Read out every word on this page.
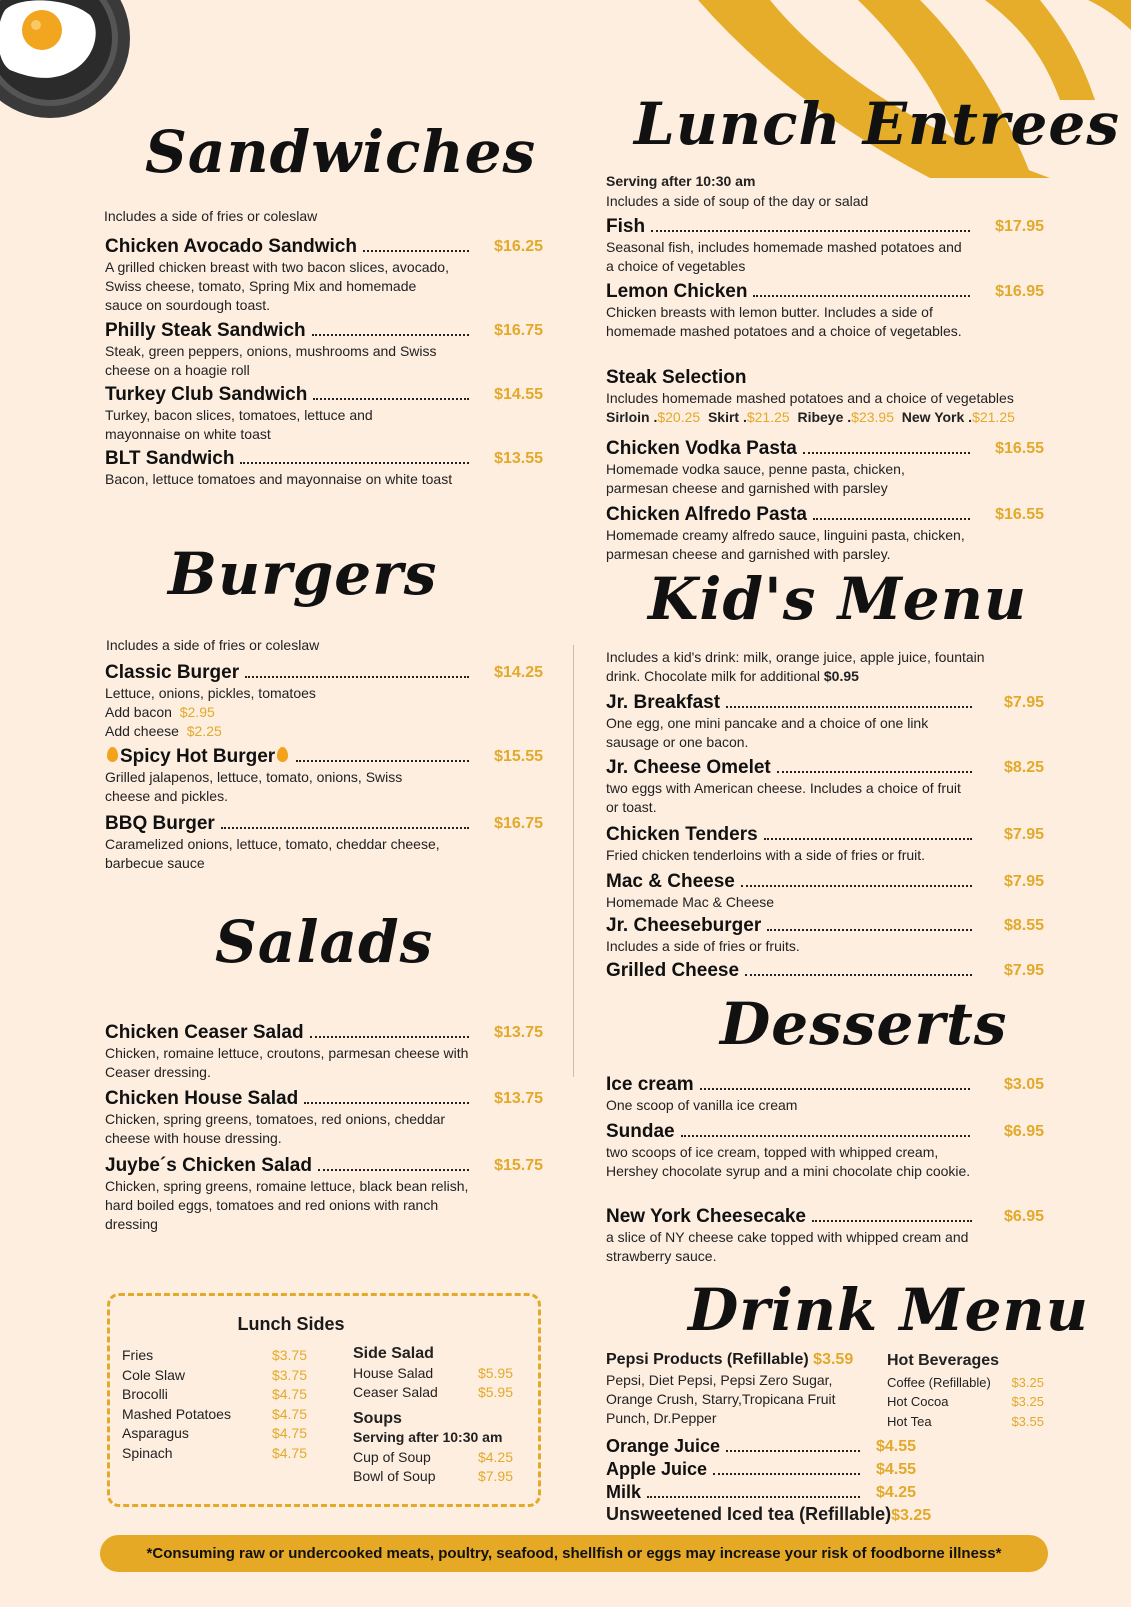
Sandwiches
Includes a side of fries or coleslaw
Chicken Avocado Sandwich	$16.25
A grilled chicken breast with two bacon slices, avocado, Swiss cheese, tomato, Spring Mix and homemade sauce on sourdough toast.
Philly Steak Sandwich	$16.75
Steak, green peppers, onions, mushrooms and Swiss cheese on a hoagie roll
Turkey Club Sandwich	$14.55
Turkey, bacon slices, tomatoes, lettuce and mayonnaise on white toast
BLT Sandwich	$13.55
Bacon, lettuce tomatoes and mayonnaise on white toast
Burgers
Includes a side of fries or coleslaw
Classic Burger	$14.25
Lettuce, onions, pickles, tomatoes
Add bacon $2.95
Add cheese $2.25
Spicy Hot Burger	$15.55
Grilled jalapenos, lettuce, tomato, onions, Swiss cheese and pickles.
BBQ Burger	$16.75
Caramelized onions, lettuce, tomato, cheddar cheese, barbecue sauce
Salads
Chicken Ceaser Salad	$13.75
Chicken, romaine lettuce, croutons, parmesan cheese with Ceaser dressing.
Chicken House Salad	$13.75
Chicken, spring greens, tomatoes, red onions, cheddar cheese with house dressing.
Juybe´s Chicken Salad	$15.75
Chicken, spring greens, romaine lettuce, black bean relish, hard boiled eggs, tomatoes and red onions with ranch dressing
Lunch Sides
Fries	$3.75
Cole Slaw	$3.75
Brocolli	$4.75
Mashed Potatoes	$4.75
Asparagus	$4.75
Spinach	$4.75
Side Salad
House Salad	$5.95
Ceaser Salad	$5.95
Soups
Serving after 10:30 am
Cup of Soup	$4.25
Bowl of Soup	$7.95
Lunch Entrees
Serving after 10:30 am
Includes a side of soup of the day or salad
Fish	$17.95
Seasonal fish, includes homemade mashed potatoes and a choice of vegetables
Lemon Chicken	$16.95
Chicken breasts with lemon butter. Includes a side of homemade mashed potatoes and a choice of vegetables.
Steak Selection
Includes homemade mashed potatoes and a choice of vegetables
Sirloin .$20.25 Skirt .$21.25 Ribeye .$23.95 New York .$21.25
Chicken Vodka Pasta	$16.55
Homemade vodka sauce, penne pasta, chicken, parmesan cheese and garnished with parsley
Chicken Alfredo Pasta	$16.55
Homemade creamy alfredo sauce, linguini pasta, chicken, parmesan cheese and garnished with parsley.
Kid's Menu
Includes a kid's drink: milk, orange juice, apple juice, fountain drink. Chocolate milk for additional $0.95
Jr. Breakfast	$7.95
One egg, one mini pancake and a choice of one link sausage or one bacon.
Jr. Cheese Omelet	$8.25
two eggs with American cheese. Includes a choice of fruit or toast.
Chicken Tenders	$7.95
Fried chicken tenderloins with a side of fries or fruit.
Mac & Cheese	$7.95
Homemade Mac & Cheese
Jr. Cheeseburger	$8.55
Includes a side of fries or fruits.
Grilled Cheese	$7.95
Desserts
Ice cream	$3.05
One scoop of vanilla ice cream
Sundae	$6.95
two scoops of ice cream, topped with whipped cream, Hershey chocolate syrup and a mini chocolate chip cookie.
New York Cheesecake	$6.95
a slice of NY cheese cake topped with whipped cream and strawberry sauce.
Drink Menu
Pepsi Products (Refillable) $3.59
Pepsi, Diet Pepsi, Pepsi Zero Sugar, Orange Crush, Starry,Tropicana Fruit Punch, Dr.Pepper
Hot Beverages
Coffee (Refillable) $3.25
Hot Cocoa	$3.25
Hot Tea	$3.55
Orange Juice	$4.55
Apple Juice	$4.55
Milk	$4.25
Unsweetened Iced tea (Refillable)$3.25
*Consuming raw or undercooked meats, poultry, seafood, shellfish or eggs may increase your risk of foodborne illness*
